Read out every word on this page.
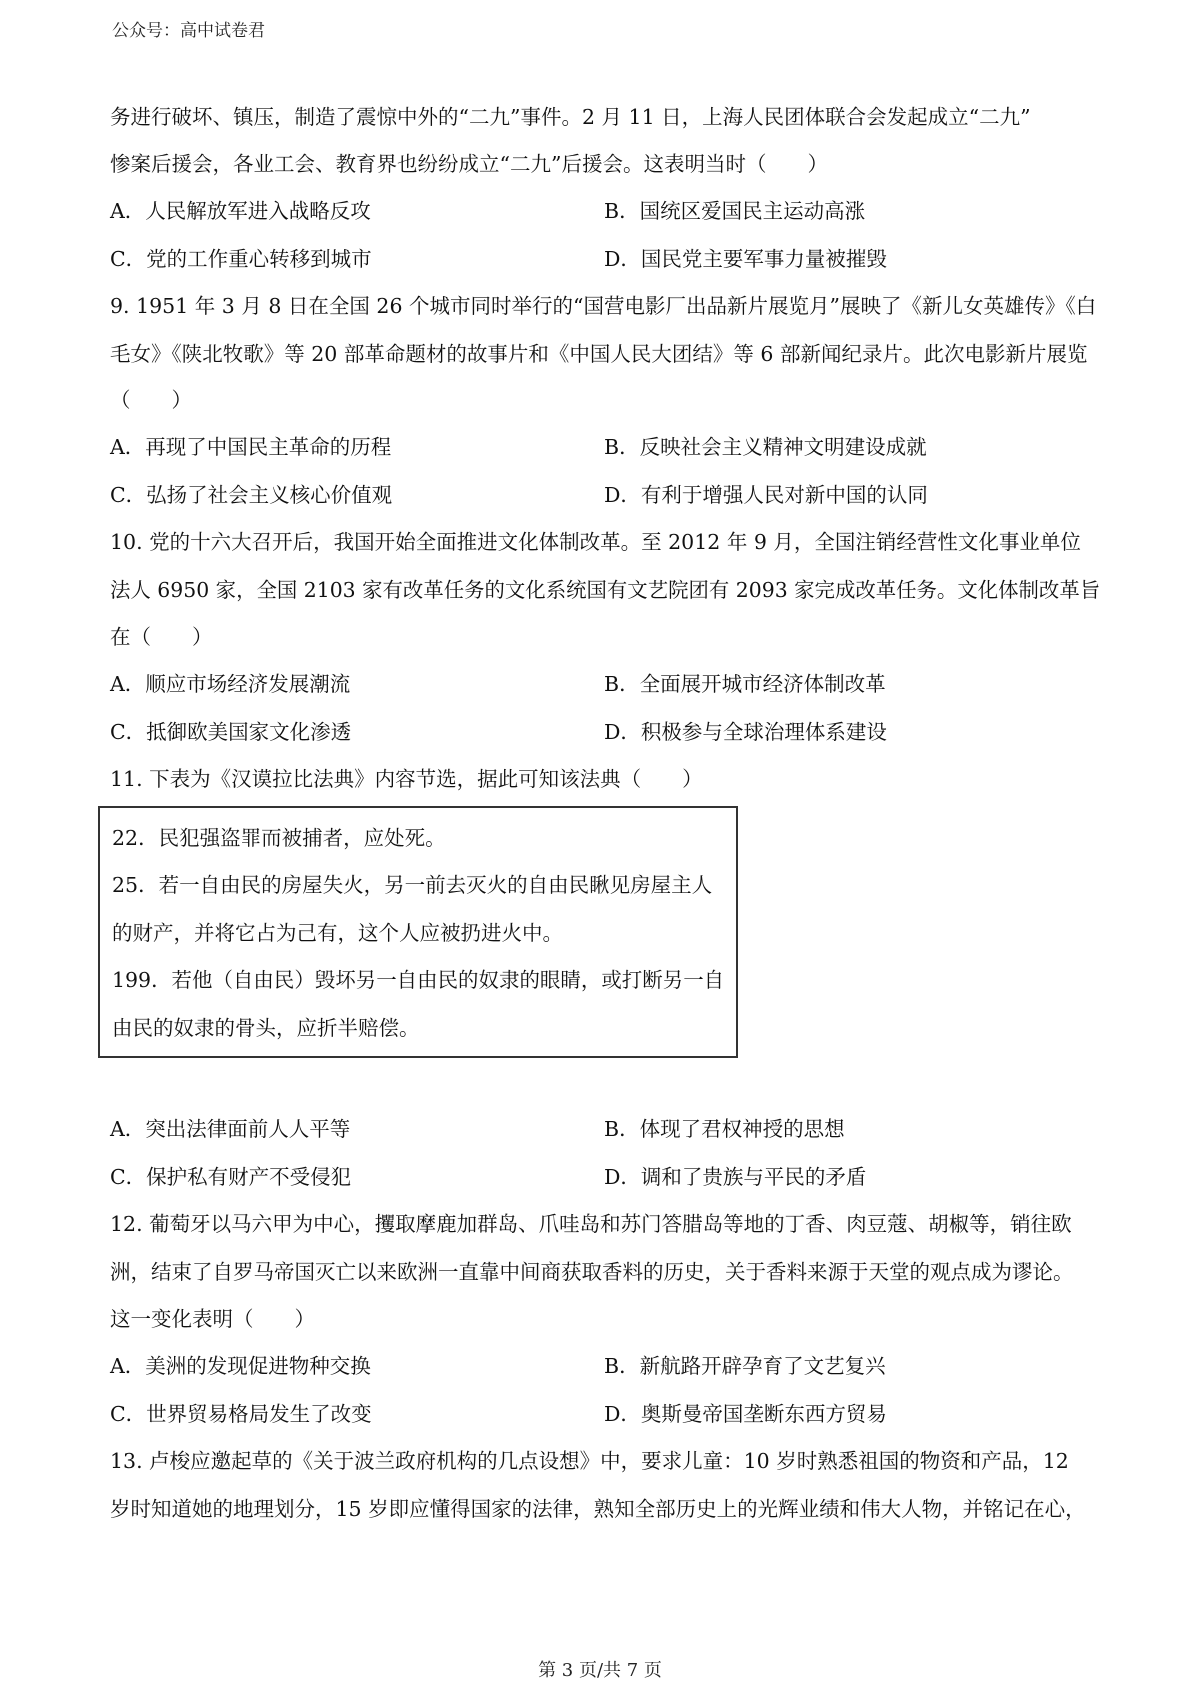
公众号：高中试卷君
务进行破坏、镇压，制造了震惊中外的“二九”事件。2 月 11 日，上海人民团体联合会发起成立“二九”
惨案后援会，各业工会、教育界也纷纷成立“二九”后援会。这表明当时（　　）
A．人民解放军进入战略反攻	B．国统区爱国民主运动高涨
C．党的工作重心转移到城市	D．国民党主要军事力量被摧毁
9. 1951 年 3 月 8 日在全国 26 个城市同时举行的“国营电影厂出品新片展览月”展映了《新儿女英雄传》《白
毛女》《陕北牧歌》等 20 部革命题材的故事片和《中国人民大团结》等 6 部新闻纪录片。此次电影新片展览
（　　）
A．再现了中国民主革命的历程	B．反映社会主义精神文明建设成就
C．弘扬了社会主义核心价值观	D．有利于增强人民对新中国的认同
10. 党的十六大召开后，我国开始全面推进文化体制改革。至 2012 年 9 月，全国注销经营性文化事业单位
法人 6950 家，全国 2103 家有改革任务的文化系统国有文艺院团有 2093 家完成改革任务。文化体制改革旨
在（　　）
A．顺应市场经济发展潮流	B．全面展开城市经济体制改革
C．抵御欧美国家文化渗透	D．积极参与全球治理体系建设
11. 下表为《汉谟拉比法典》内容节选，据此可知该法典（　　）
22．民犯强盗罪而被捕者，应处死。
25．若一自由民的房屋失火，另一前去灭火的自由民瞅见房屋主人
的财产，并将它占为己有，这个人应被扔进火中。
199．若他（自由民）毁坏另一自由民的奴隶的眼睛，或打断另一自
由民的奴隶的骨头，应折半赔偿。
A．突出法律面前人人平等	B．体现了君权神授的思想
C．保护私有财产不受侵犯	D．调和了贵族与平民的矛盾
12. 葡萄牙以马六甲为中心，攫取摩鹿加群岛、爪哇岛和苏门答腊岛等地的丁香、肉豆蔻、胡椒等，销往欧
洲，结束了自罗马帝国灭亡以来欧洲一直靠中间商获取香料的历史，关于香料来源于天堂的观点成为谬论。
这一变化表明（　　）
A．美洲的发现促进物种交换	B．新航路开辟孕育了文艺复兴
C．世界贸易格局发生了改变	D．奥斯曼帝国垄断东西方贸易
13. 卢梭应邀起草的《关于波兰政府机构的几点设想》中，要求儿童：10 岁时熟悉祖国的物资和产品，12
岁时知道她的地理划分，15 岁即应懂得国家的法律，熟知全部历史上的光辉业绩和伟大人物，并铭记在心，
第 3 页/共 7 页
